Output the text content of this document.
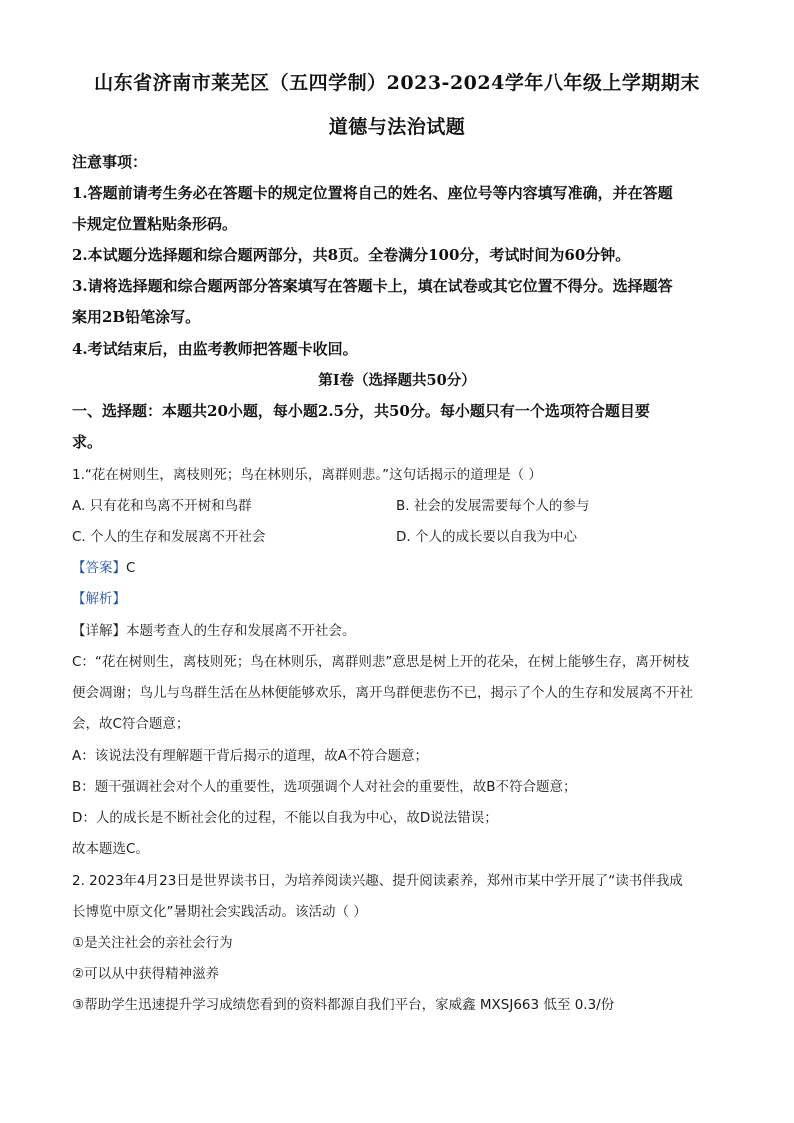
山东省济南市莱芜区（五四学制）2023-2024学年八年级上学期期末
道德与法治试题
注意事项：
1.答题前请考生务必在答题卡的规定位置将自己的姓名、座位号等内容填写准确，并在答题
卡规定位置粘贴条形码。
2.本试题分选择题和综合题两部分，共8页。全卷满分100分，考试时间为60分钟。
3.请将选择题和综合题两部分答案填写在答题卡上，填在试卷或其它位置不得分。选择题答
案用2B铅笔涂写。
4.考试结束后，由监考教师把答题卡收回。
第I卷（选择题共50分）
一、选择题：本题共20小题，每小题2.5分，共50分。每小题只有一个选项符合题目要
求。
1.“花在树则生，离枝则死；鸟在林则乐，离群则悲。”这句话揭示的道理是（ ）
A. 只有花和鸟离不开树和鸟群	B. 社会的发展需要每个人的参与
C. 个人的生存和发展离不开社会	D. 个人的成长要以自我为中心
【答案】C
【解析】
【详解】本题考查人的生存和发展离不开社会。
C：“花在树则生，离枝则死；鸟在林则乐，离群则悲”意思是树上开的花朵，在树上能够生存，离开树枝
便会凋谢；鸟儿与鸟群生活在丛林便能够欢乐，离开鸟群便悲伤不已，揭示了个人的生存和发展离不开社
会，故C符合题意；
A：该说法没有理解题干背后揭示的道理，故A不符合题意；
B：题干强调社会对个人的重要性，选项强调个人对社会的重要性，故B不符合题意；
D：人的成长是不断社会化的过程，不能以自我为中心，故D说法错误；
故本题选C。
2. 2023年4月23日是世界读书日，为培养阅读兴趣、提升阅读素养，郑州市某中学开展了“读书伴我成
长博览中原文化”暑期社会实践活动。该活动（ ）
①是关注社会的亲社会行为
②可以从中获得精神滋养
③帮助学生迅速提升学习成绩您看到的资料都源自我们平台，家威鑫 MXSJ663 低至 0.3/份
